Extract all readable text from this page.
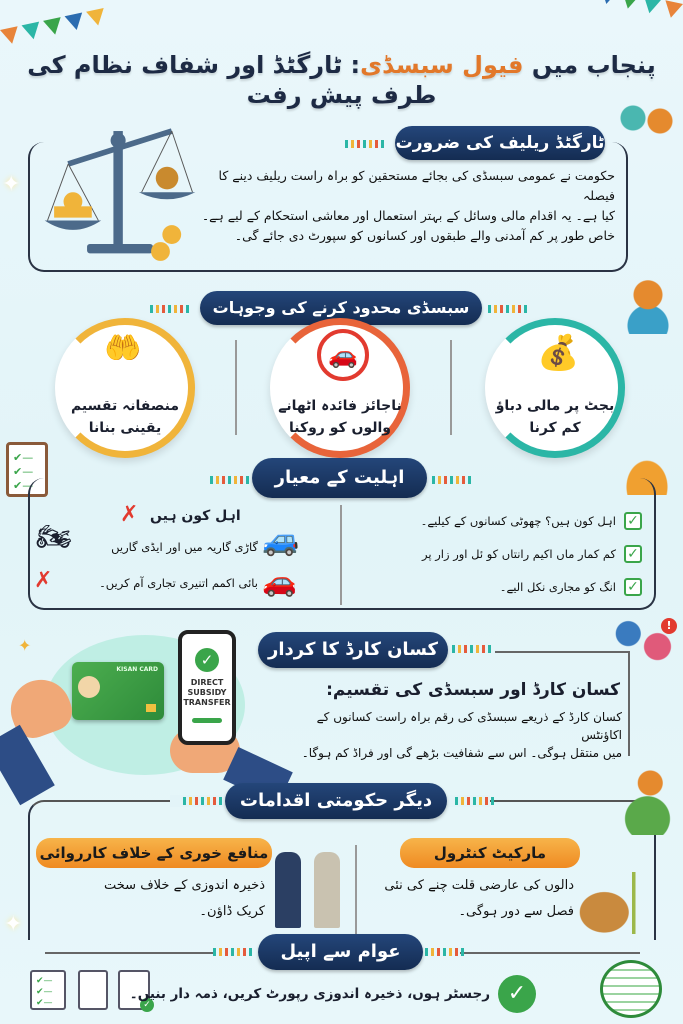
پنجاب میں فیول سبسڈی: ٹارگٹڈ اور شفاف نظام کی طرف پیش رفت
ٹارگٹڈ ریلیف کی ضرورت
حکومت نے عمومی سبسڈی کی بجائے مستحقین کو براہ راست ریلیف دینے کا فیصلہ
کیا ہے۔ یہ اقدام مالی وسائل کے بہتر استعمال اور معاشی استحکام کے لیے ہے۔
خاص طور پر کم آمدنی والے طبقوں اور کسانوں کو سپورٹ دی جائے گی۔
سبسڈی محدود کرنے کی وجوہات
💰
بجٹ پر مالی دباؤ
کم کرنا
🚗
ناجائز فائدہ اٹھانے
والوں کو روکنا
🤲
منصفانہ تقسیم
یقینی بنانا
✔—
✔—
✔—	اہلیت کے معیار
✓
اہل کون ہیں؟ چھوٹی کسانوں کے کیلیے۔
✓
کم کمار ماں اکیم رانتاں کو ئل اور زار پر
✓
انگ کو مجاری نکل الیے۔
🏍	🚙
🚗
✗ اہل کون ہیں
گاڑی گاریہ میں اور ایڈی گاریں
✗	بائی اکمم اتنیری تجاری آم کریں۔
KISAN CARD
✓
DIRECT
SUBSIDY
TRANSFER
کسان کارڈ کا کردار
!
کسان کارڈ اور سبسڈی کی تقسیم:
کسان کارڈ کے ذریعے سبسڈی کی رقم براہ راست کسانوں کے اکاؤنٹس
میں منتقل ہوگی۔ اس سے شفافیت بڑھے گی اور فراڈ کم ہوگا۔
دیگر حکومتی اقدامات
منافع خوری کے خلاف کارروائی
ذخیرہ اندوزی کے خلاف سخت
کریک ڈاؤن۔
مارکیٹ کنٹرول
دالوں کی عارضی قلت چنے کی نئی
فصل سے دور ہوگی۔
عوام سے اپیل
✔—
✔—
✔—	✓
رجسٹر ہوں، ذخیرہ اندوزی رپورٹ کریں، ذمہ دار بنیں۔ ✓
✦
✦
✦
